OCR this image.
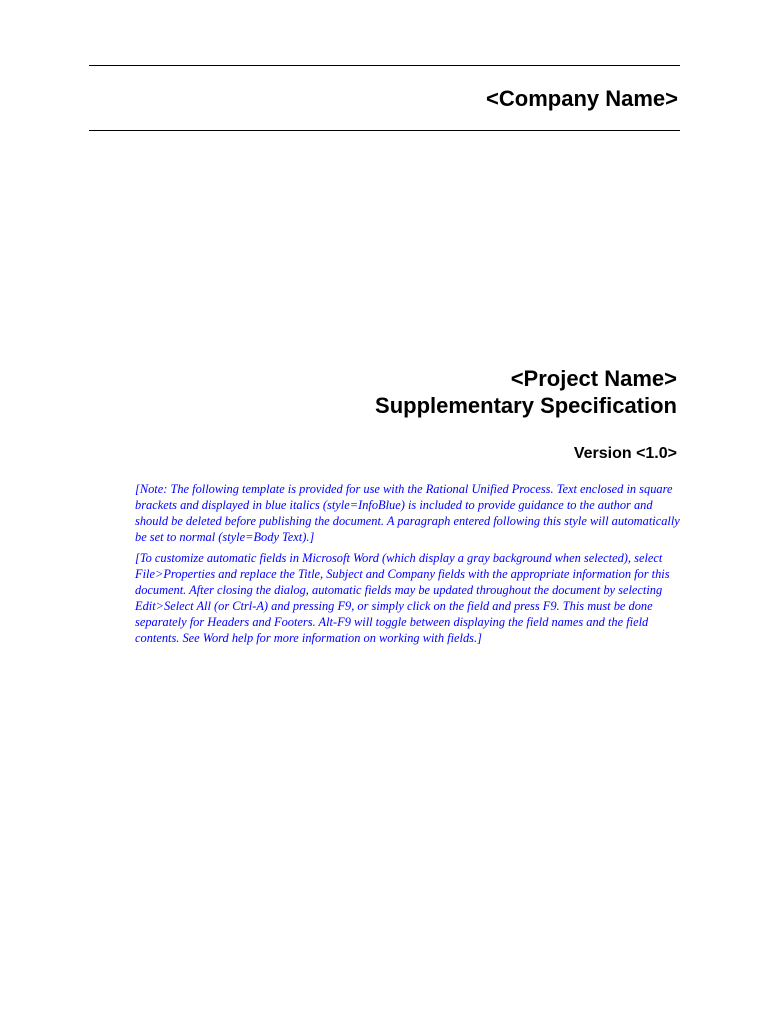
<Company Name>
<Project Name>
Supplementary Specification
Version <1.0>

[Note: The following template is provided for use with the Rational Unified Process. Text enclosed in square brackets and displayed in blue italics (style=InfoBlue) is included to provide guidance to the author and should be deleted before publishing the document. A paragraph entered following this style will automatically be set to normal (style=Body Text).]

[To customize automatic fields in Microsoft Word (which display a gray background when selected), select File>Properties and replace the Title, Subject and Company fields with the appropriate information for this document. After closing the dialog, automatic fields may be updated throughout the document by selecting Edit>Select All (or Ctrl-A) and pressing F9, or simply click on the field and press F9. This must be done separately for Headers and Footers. Alt-F9 will toggle between displaying the field names and the field contents. See Word help for more information on working with fields.]
